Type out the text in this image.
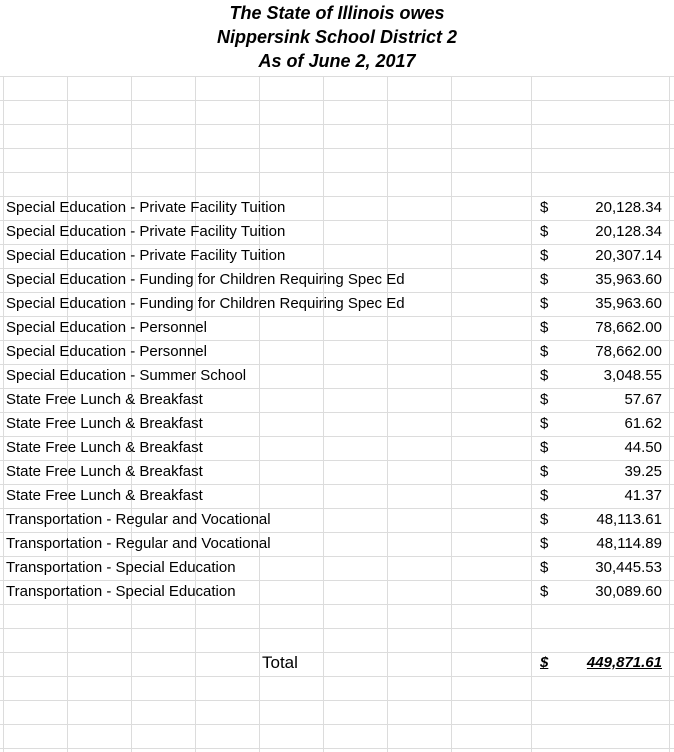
The State of Illinois owes
Nippersink School District 2
As of June 2, 2017
Special Education - Private Facility Tuition	$	20,128.34
Special Education - Private Facility Tuition	$	20,128.34
Special Education - Private Facility Tuition	$	20,307.14
Special Education - Funding for Children Requiring Spec Ed	$	35,963.60
Special Education - Funding for Children Requiring Spec Ed	$	35,963.60
Special Education - Personnel	$	78,662.00
Special Education - Personnel	$	78,662.00
Special Education - Summer School	$	3,048.55
State Free Lunch & Breakfast	$	57.67
State Free Lunch & Breakfast	$	61.62
State Free Lunch & Breakfast	$	44.50
State Free Lunch & Breakfast	$	39.25
State Free Lunch & Breakfast	$	41.37
Transportation - Regular and Vocational	$	48,113.61
Transportation - Regular and Vocational	$	48,114.89
Transportation - Special Education	$	30,445.53
Transportation - Special Education	$	30,089.60
Total	$	449,871.61
